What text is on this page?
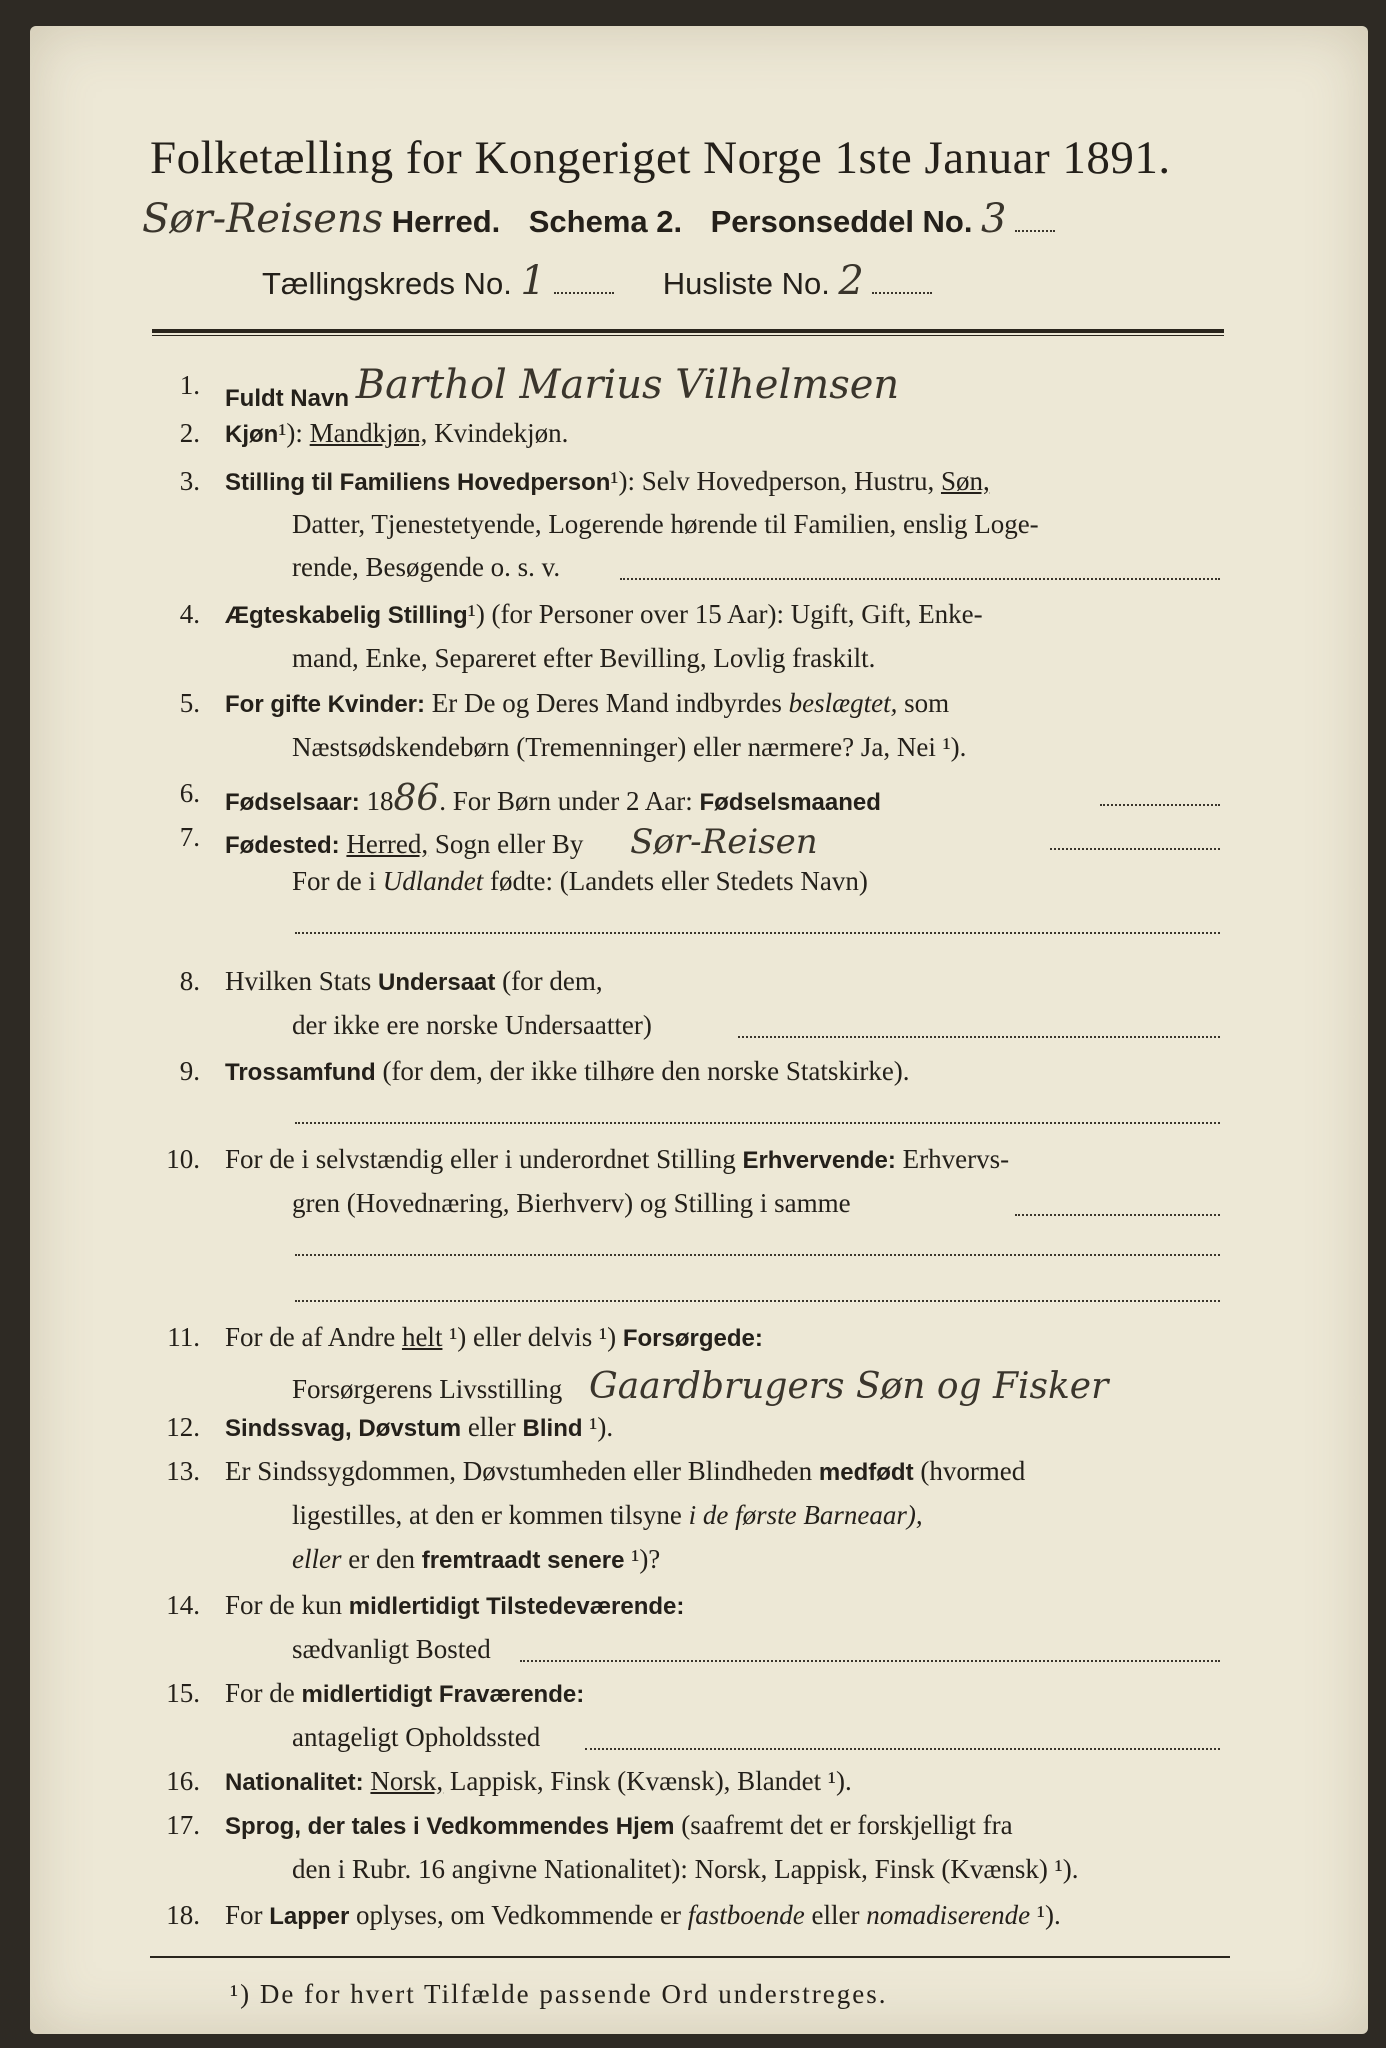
Folketælling for Kongeriget Norge 1ste Januar 1891.
Sør-Reisens Herred. Schema 2. Personseddel No. 3
Tællingskreds No. 1	Husliste No. 2
1. Fuldt Navn Barthol Marius Vilhelmsen
2. Kjøn¹): Mandkjøn, Kvindekjøn.
3. Stilling til Familiens Hovedperson¹): Selv Hovedperson, Hustru, Søn,
Datter, Tjenestetyende, Logerende hørende til Familien, enslig Loge-
rende, Besøgende o. s. v.
4. Ægteskabelig Stilling¹) (for Personer over 15 Aar): Ugift, Gift, Enke-
mand, Enke, Separeret efter Bevilling, Lovlig fraskilt.
5. For gifte Kvinder: Er De og Deres Mand indbyrdes beslægtet, som
Næstsødskendebørn (Tremenninger) eller nærmere? Ja, Nei ¹).
6. Fødselsaar: 1886. For Børn under 2 Aar: Fødselsmaaned
7. Fødested: Herred, Sogn eller By Sør-Reisen
For de i Udlandet fødte: (Landets eller Stedets Navn)
8. Hvilken Stats Undersaat (for dem,
der ikke ere norske Undersaatter)
9. Trossamfund (for dem, der ikke tilhøre den norske Statskirke).
10. For de i selvstændig eller i underordnet Stilling Erhvervende: Erhvervs-
gren (Hovednæring, Bierhverv) og Stilling i samme
11. For de af Andre helt ¹) eller delvis ¹) Forsørgede:
Forsørgerens Livsstilling Gaardbrugers Søn og Fisker
12. Sindssvag, Døvstum eller Blind ¹).
13. Er Sindssygdommen, Døvstumheden eller Blindheden medfødt (hvormed
ligestilles, at den er kommen tilsyne i de første Barneaar),
eller er den fremtraadt senere ¹)?
14. For de kun midlertidigt Tilstedeværende:
sædvanligt Bosted
15. For de midlertidigt Fraværende:
antageligt Opholdssted
16. Nationalitet: Norsk, Lappisk, Finsk (Kvænsk), Blandet ¹).
17. Sprog, der tales i Vedkommendes Hjem (saafremt det er forskjelligt fra
den i Rubr. 16 angivne Nationalitet): Norsk, Lappisk, Finsk (Kvænsk) ¹).
18. For Lapper oplyses, om Vedkommende er fastboende eller nomadiserende ¹).
¹) De for hvert Tilfælde passende Ord understreges.
